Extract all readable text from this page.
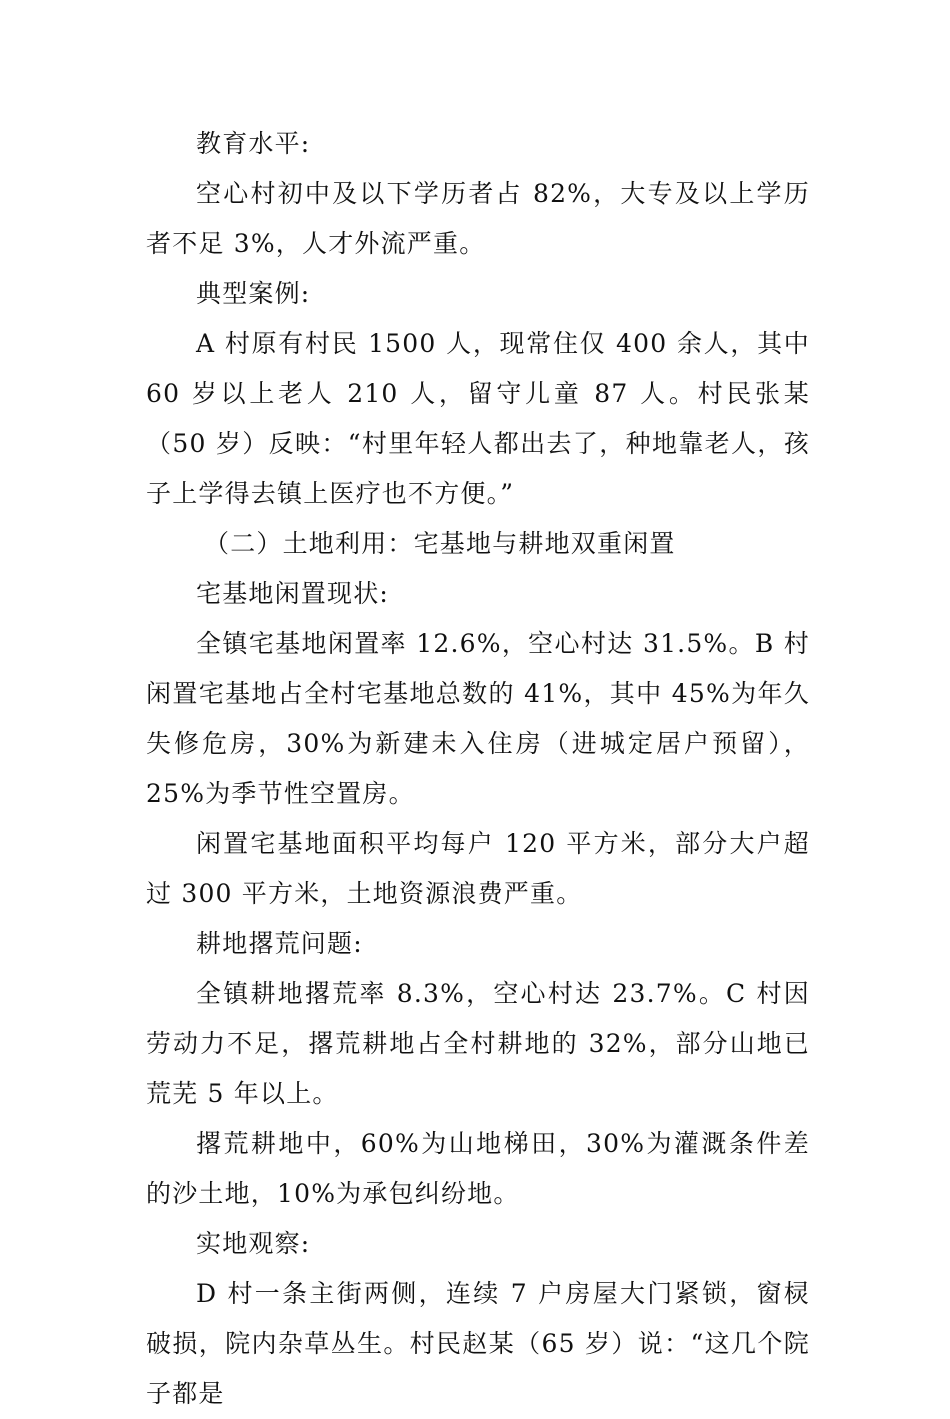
教育水平:

空心村初中及以下学历者占 82%，大专及以上学历者不足 3%，人才外流严重。

典型案例:

A 村原有村民 1500 人，现常住仅 400 余人，其中 60 岁以上老人 210 人，留守儿童 87 人。村民张某（50 岁）反映：“村里年轻人都出去了，种地靠老人，孩子上学得去镇上医疗也不方便。”

（二）土地利用：宅基地与耕地双重闲置

宅基地闲置现状:

全镇宅基地闲置率 12.6%，空心村达 31.5%。B 村闲置宅基地占全村宅基地总数的 41%，其中 45%为年久失修危房，30%为新建未入住房（进城定居户预留），25%为季节性空置房。

闲置宅基地面积平均每户 120 平方米，部分大户超过 300 平方米，土地资源浪费严重。

耕地撂荒问题:

全镇耕地撂荒率 8.3%，空心村达 23.7%。C 村因劳动力不足，撂荒耕地占全村耕地的 32%，部分山地已荒芜 5 年以上。

撂荒耕地中，60%为山地梯田，30%为灌溉条件差的沙土地，10%为承包纠纷地。

实地观察:

D 村一条主街两侧，连续 7 户房屋大门紧锁，窗棂破损，院内杂草丛生。村民赵某（65 岁）说：“这几个院子都是
